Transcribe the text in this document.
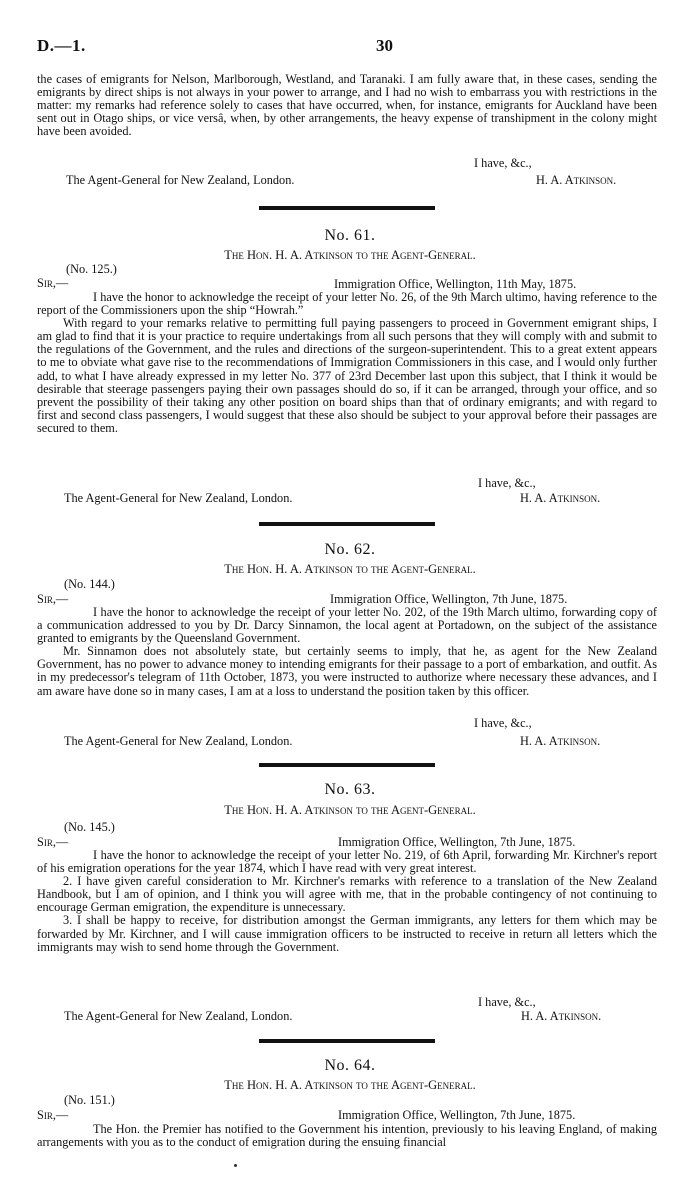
D.—1.	30

the cases of emigrants for Nelson, Marlborough, Westland, and Taranaki. I am fully aware that, in these cases, sending the emigrants by direct ships is not always in your power to arrange, and I had no wish to embarrass you with restrictions in the matter: my remarks had reference solely to cases that have occurred, when, for instance, emigrants for Auckland have been sent out in Otago ships, or vice versâ, when, by other arrangements, the heavy expense of transhipment in the colony might have been avoided.

I have, &c.,
The Agent-General for New Zealand, London.	H. A. Atkinson.
No. 61.
The Hon. H. A. Atkinson to the Agent-General.
(No. 125.)
Sir,—	Immigration Office, Wellington, 11th May, 1875.

I have the honor to acknowledge the receipt of your letter No. 26, of the 9th March ultimo, having reference to the report of the Commissioners upon the ship “Howrah.”

With regard to your remarks relative to permitting full paying passengers to proceed in Government emigrant ships, I am glad to find that it is your practice to require undertakings from all such persons that they will comply with and submit to the regulations of the Government, and the rules and directions of the surgeon-superintendent. This to a great extent appears to me to obviate what gave rise to the recommendations of Immigration Commissioners in this case, and I would only further add, to what I have already expressed in my letter No. 377 of 23rd December last upon this subject, that I think it would be desirable that steerage passengers paying their own passages should do so, if it can be arranged, through your office, and so prevent the possibility of their taking any other position on board ships than that of ordinary emigrants; and with regard to first and second class passengers, I would suggest that these also should be subject to your approval before their passages are secured to them.

I have, &c.,
The Agent-General for New Zealand, London.	H. A. Atkinson.
No. 62.
The Hon. H. A. Atkinson to the Agent-General.
(No. 144.)
Sir,—	Immigration Office, Wellington, 7th June, 1875.

I have the honor to acknowledge the receipt of your letter No. 202, of the 19th March ultimo, forwarding copy of a communication addressed to you by Dr. Darcy Sinnamon, the local agent at Portadown, on the subject of the assistance granted to emigrants by the Queensland Government.

Mr. Sinnamon does not absolutely state, but certainly seems to imply, that he, as agent for the New Zealand Government, has no power to advance money to intending emigrants for their passage to a port of embarkation, and outfit. As in my predecessor's telegram of 11th October, 1873, you were instructed to authorize where necessary these advances, and I am aware have done so in many cases, I am at a loss to understand the position taken by this officer.

I have, &c.,
The Agent-General for New Zealand, London.	H. A. Atkinson.
No. 63.
The Hon. H. A. Atkinson to the Agent-General.
(No. 145.)
Sir,—	Immigration Office, Wellington, 7th June, 1875.

I have the honor to acknowledge the receipt of your letter No. 219, of 6th April, forwarding Mr. Kirchner's report of his emigration operations for the year 1874, which I have read with very great interest.

2. I have given careful consideration to Mr. Kirchner's remarks with reference to a translation of the New Zealand Handbook, but I am of opinion, and I think you will agree with me, that in the probable contingency of not continuing to encourage German emigration, the expenditure is unnecessary.

3. I shall be happy to receive, for distribution amongst the German immigrants, any letters for them which may be forwarded by Mr. Kirchner, and I will cause immigration officers to be instructed to receive in return all letters which the immigrants may wish to send home through the Government.

I have, &c.,
The Agent-General for New Zealand, London.	H. A. Atkinson.
No. 64.
The Hon. H. A. Atkinson to the Agent-General.
(No. 151.)
Sir,—	Immigration Office, Wellington, 7th June, 1875.

The Hon. the Premier has notified to the Government his intention, previously to his leaving England, of making arrangements with you as to the conduct of emigration during the ensuing financial
